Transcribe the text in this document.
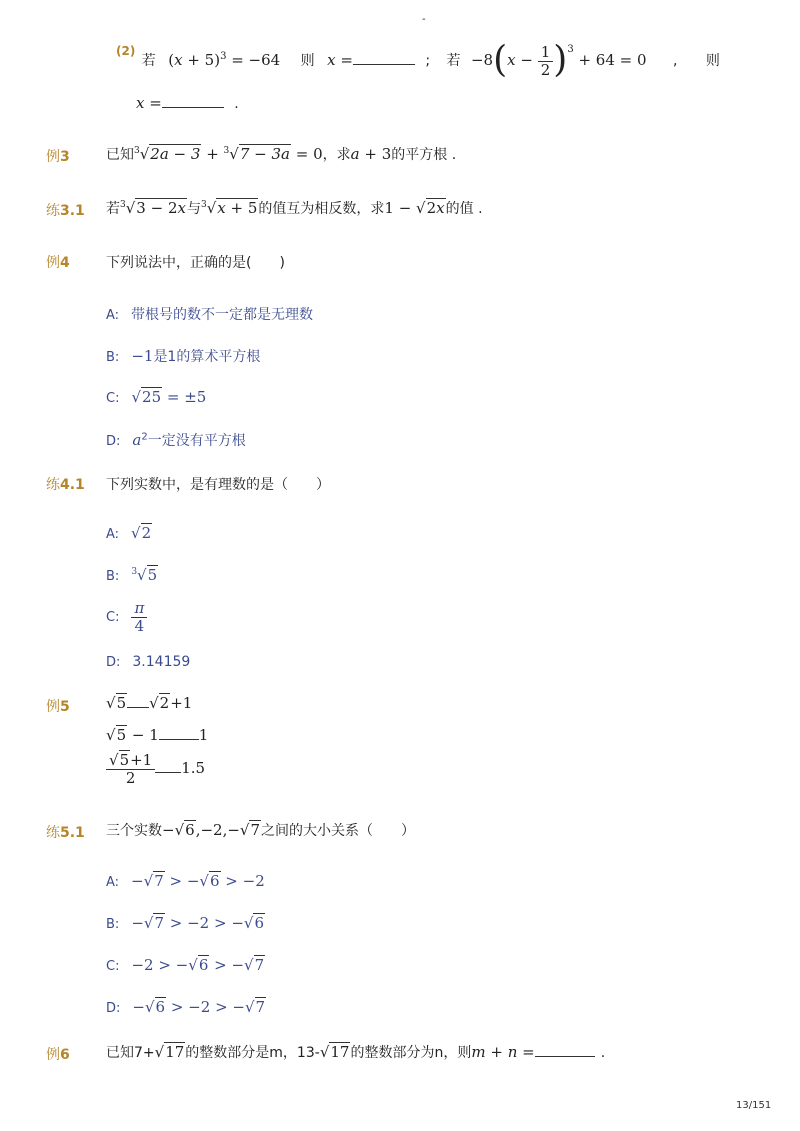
-
(2) 若 $(x + 5)^3 = -64$ 则 x =	; 若 $-8(x - \frac{1}{2} )^3 + 64 = 0$ , 则

x =	.
例3	已知$^3$√2a − 3 + $^3$√7 − 3a = 0，求a + 3的平方根 .
练3.1 若$^3$√3 − 2x与$^3$√x + 5的值互为相反数，求1 − √2x的值 .
例4	下列说法中，正确的是(　　)
A: 带根号的数不一定都是无理数
B: −1是1的算术平方根
C: √25 = ±5
D: $a^2$一定没有平方根
练4.1 下列实数中，是有理数的是（　　）
A: √2
B: $^3$√5
C: $\frac{\pi}{4}$
D: 3.14159
例5 √5 √2+1
√5 − 1	1
$\frac{√5+1}{2} 1.5$
练5.1 三个实数−√6,−2,−√7之间的大小关系（　　）
A: −√7 > −√6 > −2
B: −√7 > −2 > −√6
C: −2 > −√6 > −√7
D: −√6 > −2 > −√7
例6	已知7+√17的整数部分是m，13-√17的整数部分为n，则m + n =	.
13/151
